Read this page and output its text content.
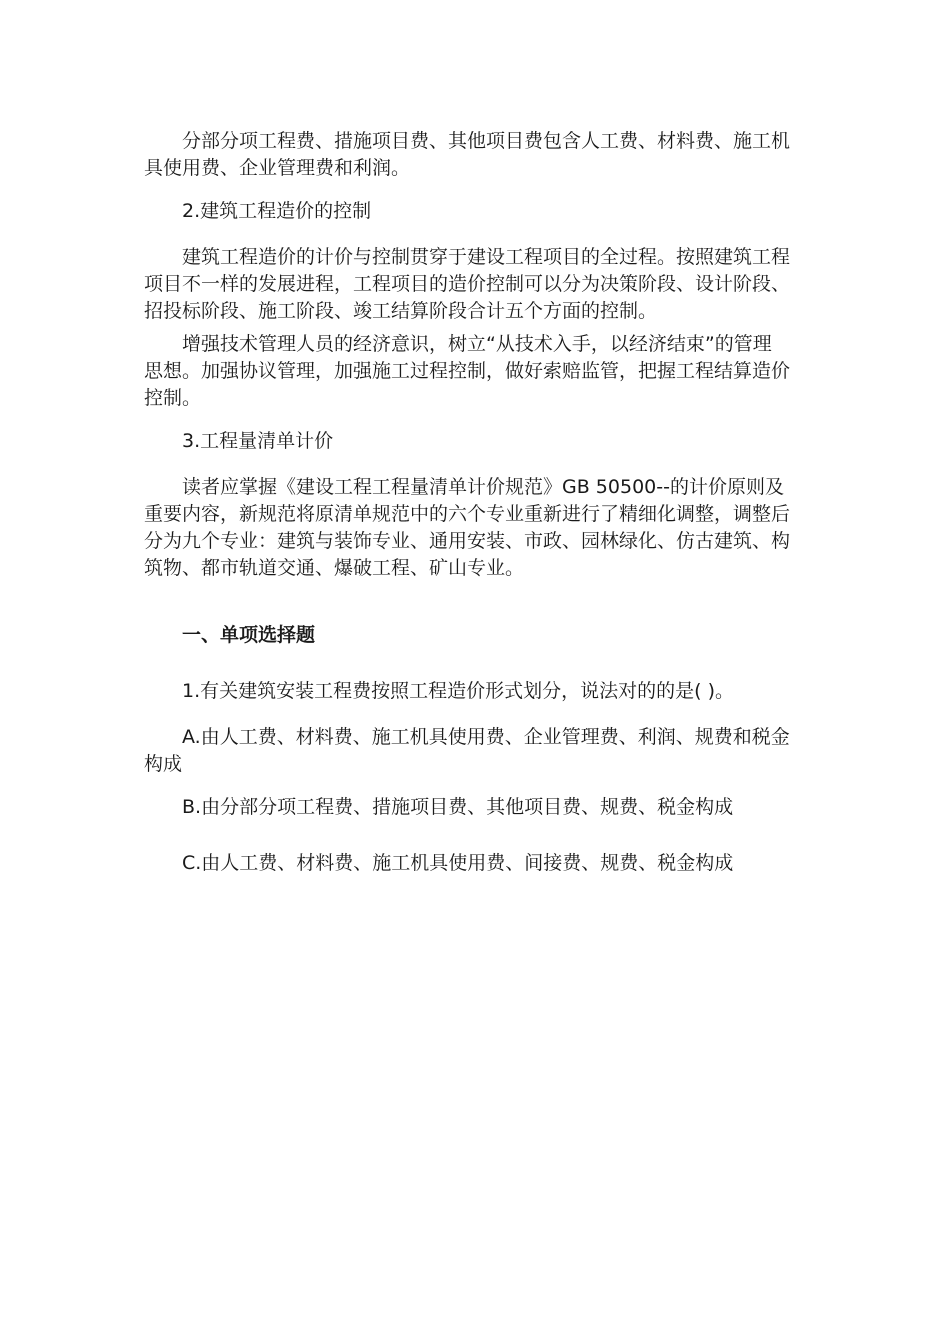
分部分项工程费、措施项目费、其他项目费包含人工费、材料费、施工机
具使用费、企业管理费和利润。
2.建筑工程造价的控制
建筑工程造价的计价与控制贯穿于建设工程项目的全过程。按照建筑工程
项目不一样的发展进程，工程项目的造价控制可以分为决策阶段、设计阶段、
招投标阶段、施工阶段、竣工结算阶段合计五个方面的控制。
增强技术管理人员的经济意识，树立“从技术入手，以经济结束”的管理
思想。加强协议管理，加强施工过程控制，做好索赔监管，把握工程结算造价
控制。
3.工程量清单计价
读者应掌握《建设工程工程量清单计价规范》GB 50500--的计价原则及
重要内容，新规范将原清单规范中的六个专业重新进行了精细化调整，调整后
分为九个专业：建筑与装饰专业、通用安装、市政、园林绿化、仿古建筑、构
筑物、都市轨道交通、爆破工程、矿山专业。
一、单项选择题
1.有关建筑安装工程费按照工程造价形式划分，说法对的的是( )。
A.由人工费、材料费、施工机具使用费、企业管理费、利润、规费和税金
构成
B.由分部分项工程费、措施项目费、其他项目费、规费、税金构成
C.由人工费、材料费、施工机具使用费、间接费、规费、税金构成
